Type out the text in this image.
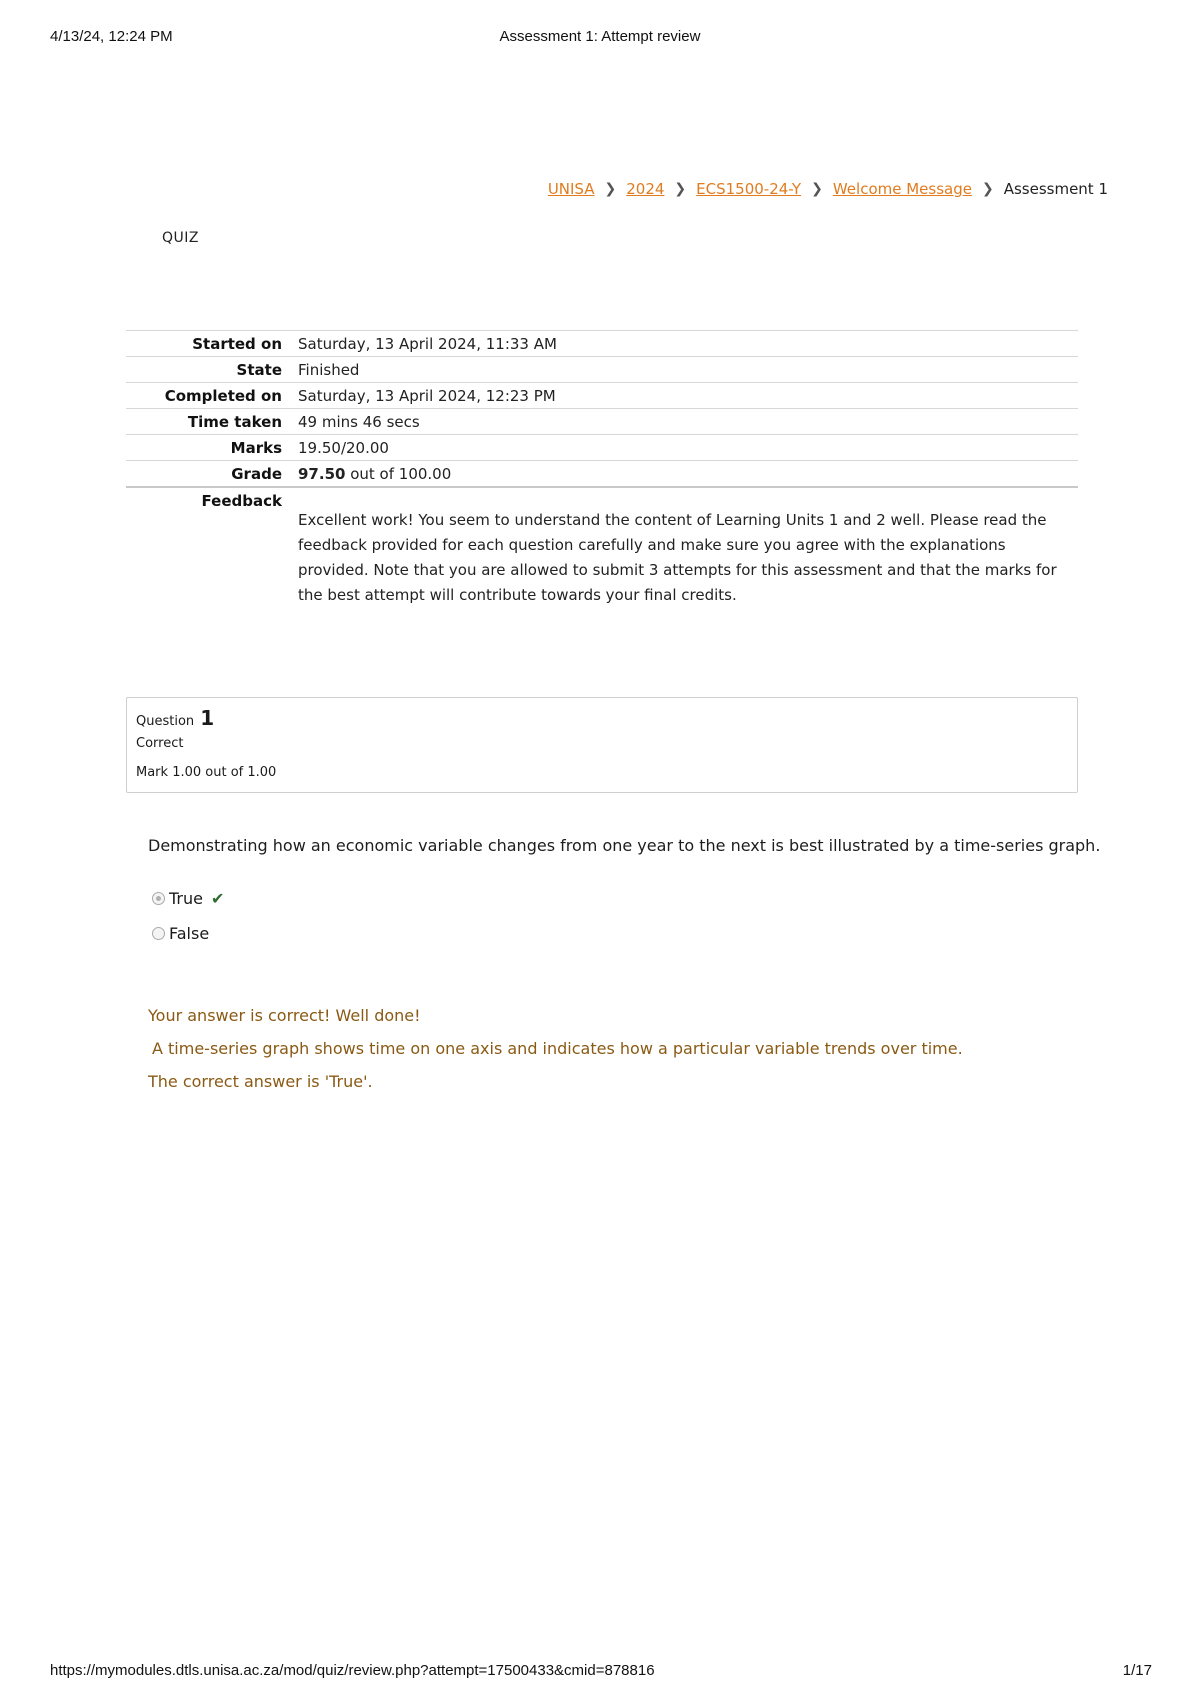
4/13/24, 12:24 PM	Assessment 1: Attempt review
UNISA ❯ 2024 ❯ ECS1500-24-Y ❯ Welcome Message ❯ Assessment 1
QUIZ
Started on	Saturday, 13 April 2024, 11:33 AM
State	Finished
Completed on	Saturday, 13 April 2024, 12:23 PM
Time taken	49 mins 46 secs
Marks	19.50/20.00
Grade	97.50 out of 100.00
Feedback	Excellent work! You seem to understand the content of Learning Units 1 and 2 well. Please read the feedback provided for each question carefully and make sure you agree with the explanations provided. Note that you are allowed to submit 3 attempts for this assessment and that the marks for the best attempt will contribute towards your final credits.
Question 1
Correct
Mark 1.00 out of 1.00
Demonstrating how an economic variable changes from one year to the next is best illustrated by a time-series graph.
True ✔
False
Your answer is correct! Well done!
A time-series graph shows time on one axis and indicates how a particular variable trends over time.
The correct answer is 'True'.
https://mymodules.dtls.unisa.ac.za/mod/quiz/review.php?attempt=17500433&cmid=878816	1/17
